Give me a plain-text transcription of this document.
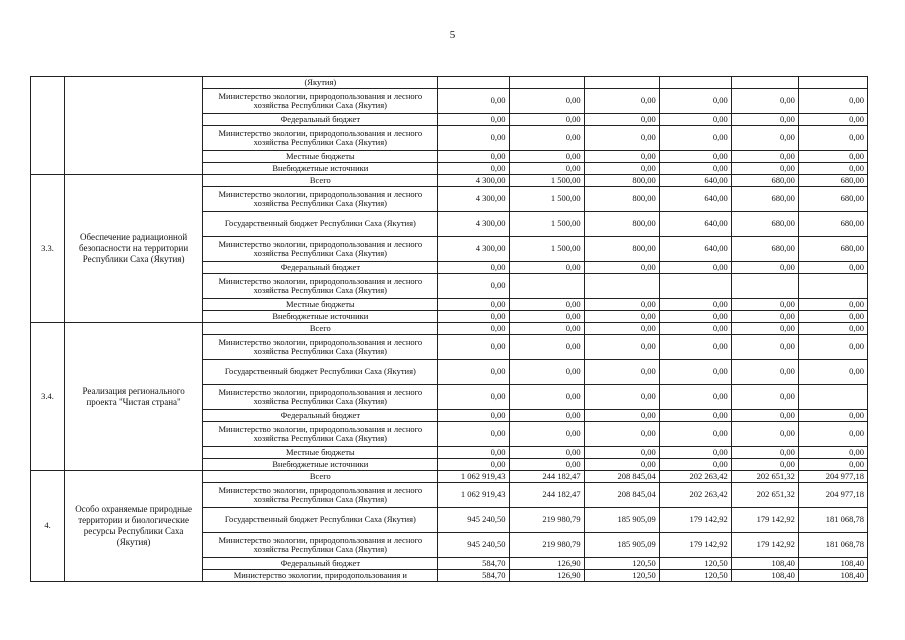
5
		(Якутия)						
		Министерство экологии, природопользования и лесного хозяйства Республики Саха (Якутия)	0,00	0,00	0,00	0,00	0,00	0,00
		Федеральный бюджет	0,00	0,00	0,00	0,00	0,00	0,00
		Министерство экологии, природопользования и лесного хозяйства Республики Саха (Якутия)	0,00	0,00	0,00	0,00	0,00	0,00
		Местные бюджеты	0,00	0,00	0,00	0,00	0,00	0,00
		Внебюджетные источники	0,00	0,00	0,00	0,00	0,00	0,00
3.3.	Обеспечение радиационной безопасности на территории Республики Саха (Якутия)	Всего	4 300,00	1 500,00	800,00	640,00	680,00	680,00
		Министерство экологии, природопользования и лесного хозяйства Республики Саха (Якутия)	4 300,00	1 500,00	800,00	640,00	680,00	680,00
		Государственный бюджет Республики Саха (Якутия)	4 300,00	1 500,00	800,00	640,00	680,00	680,00
		Министерство экологии, природопользования и лесного хозяйства Республики Саха (Якутия)	4 300,00	1 500,00	800,00	640,00	680,00	680,00
		Федеральный бюджет	0,00	0,00	0,00	0,00	0,00	0,00
		Министерство экологии, природопользования и лесного хозяйства Республики Саха (Якутия)	0,00					
		Местные бюджеты	0,00	0,00	0,00	0,00	0,00	0,00
		Внебюджетные источники	0,00	0,00	0,00	0,00	0,00	0,00
3.4.	Реализация регионального проекта "Чистая страна"	Всего	0,00	0,00	0,00	0,00	0,00	0,00
		Министерство экологии, природопользования и лесного хозяйства Республики Саха (Якутия)	0,00	0,00	0,00	0,00	0,00	0,00
		Государственный бюджет Республики Саха (Якутия)	0,00	0,00	0,00	0,00	0,00	0,00
		Министерство экологии, природопользования и лесного хозяйства Республики Саха (Якутия)	0,00	0,00	0,00	0,00	0,00	
		Федеральный бюджет	0,00	0,00	0,00	0,00	0,00	0,00
		Министерство экологии, природопользования и лесного хозяйства Республики Саха (Якутия)	0,00	0,00	0,00	0,00	0,00	0,00
		Местные бюджеты	0,00	0,00	0,00	0,00	0,00	0,00
		Внебюджетные источники	0,00	0,00	0,00	0,00	0,00	0,00
4.	Особо охраняемые природные территории и биологические ресурсы Республики Саха (Якутия)	Всего	1 062 919,43	244 182,47	208 845,04	202 263,42	202 651,32	204 977,18
		Министерство экологии, природопользования и лесного хозяйства Республики Саха (Якутия)	1 062 919,43	244 182,47	208 845,04	202 263,42	202 651,32	204 977,18
		Государственный бюджет Республики Саха (Якутия)	945 240,50	219 980,79	185 905,09	179 142,92	179 142,92	181 068,78
		Министерство экологии, природопользования и лесного хозяйства Республики Саха (Якутия)	945 240,50	219 980,79	185 905,09	179 142,92	179 142,92	181 068,78
		Федеральный бюджет	584,70	126,90	120,50	120,50	108,40	108,40
		Министерство экологии, природопользования и	584,70	126,90	120,50	120,50	108,40	108,40
